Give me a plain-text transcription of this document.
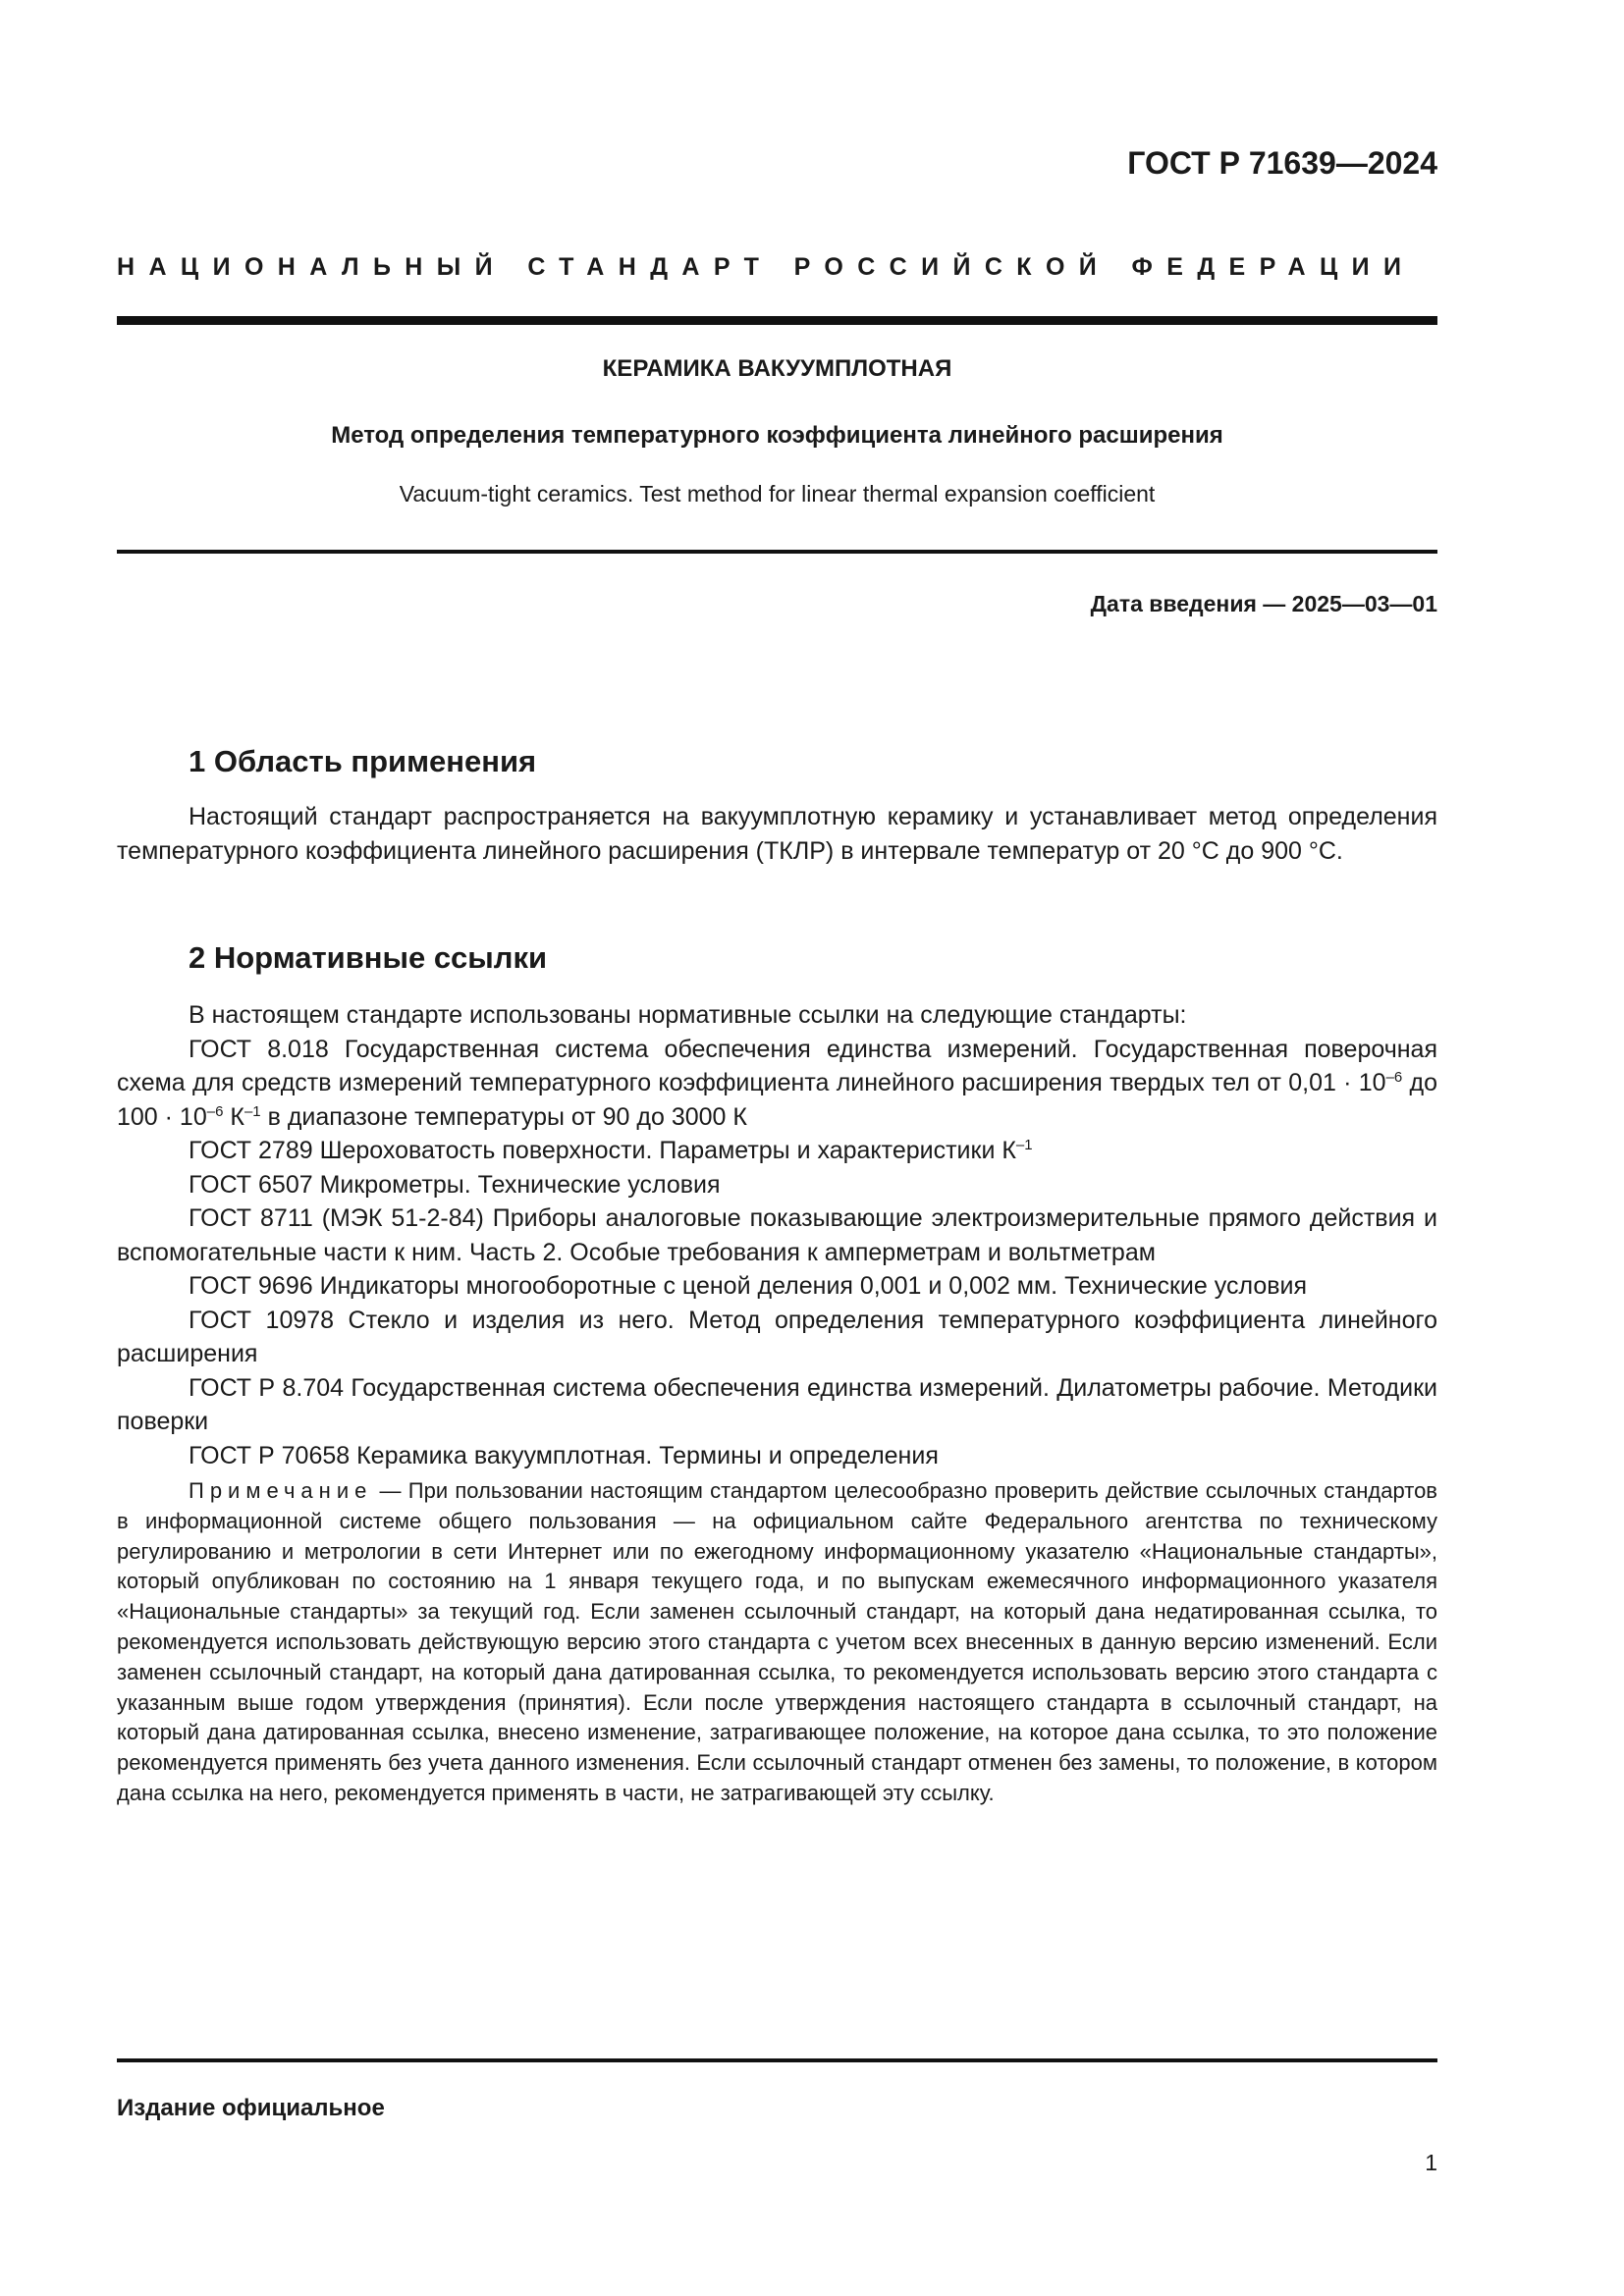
ГОСТ Р 71639—2024
НАЦИОНАЛЬНЫЙ СТАНДАРТ РОССИЙСКОЙ ФЕДЕРАЦИИ
КЕРАМИКА ВАКУУМПЛОТНАЯ
Метод определения температурного коэффициента линейного расширения
Vacuum-tight ceramics. Test method for linear thermal expansion coefficient
Дата введения — 2025—03—01
1 Область применения

Настоящий стандарт распространяется на вакуумплотную керамику и устанавливает метод определения температурного коэффициента линейного расширения (ТКЛР) в интервале температур от 20 °С до 900 °С.

2 Нормативные ссылки

В настоящем стандарте использованы нормативные ссылки на следующие стандарты:

ГОСТ 8.018 Государственная система обеспечения единства измерений. Государственная поверочная схема для средств измерений температурного коэффициента линейного расширения твердых тел от $0,01 \cdot 10^{-6}$ до $100 \cdot 10^{-6}$ $К^{-1}$ в диапазоне температуры от 90 до 3000 К

ГОСТ 2789 Шероховатость поверхности. Параметры и характеристики $К^{-1}$

ГОСТ 6507 Микрометры. Технические условия

ГОСТ 8711 (МЭК 51-2-84) Приборы аналоговые показывающие электроизмерительные прямого действия и вспомогательные части к ним. Часть 2. Особые требования к амперметрам и вольтметрам

ГОСТ 9696 Индикаторы многооборотные с ценой деления 0,001 и 0,002 мм. Технические условия

ГОСТ 10978 Стекло и изделия из него. Метод определения температурного коэффициента линейного расширения

ГОСТ Р 8.704 Государственная система обеспечения единства измерений. Дилатометры рабочие. Методики поверки

ГОСТ Р 70658 Керамика вакуумплотная. Термины и определения

Примечание — При пользовании настоящим стандартом целесообразно проверить действие ссылочных стандартов в информационной системе общего пользования — на официальном сайте Федерального агентства по техническому регулированию и метрологии в сети Интернет или по ежегодному информационному указателю «Национальные стандарты», который опубликован по состоянию на 1 января текущего года, и по выпускам ежемесячного информационного указателя «Национальные стандарты» за текущий год. Если заменен ссылочный стандарт, на который дана недатированная ссылка, то рекомендуется использовать действующую версию этого стандарта с учетом всех внесенных в данную версию изменений. Если заменен ссылочный стандарт, на который дана датированная ссылка, то рекомендуется использовать версию этого стандарта с указанным выше годом утверждения (принятия). Если после утверждения настоящего стандарта в ссылочный стандарт, на который дана датированная ссылка, внесено изменение, затрагивающее положение, на которое дана ссылка, то это положение рекомендуется применять без учета данного изменения. Если ссылочный стандарт отменен без замены, то положение, в котором дана ссылка на него, рекомендуется применять в части, не затрагивающей эту ссылку.

Издание официальное
1
